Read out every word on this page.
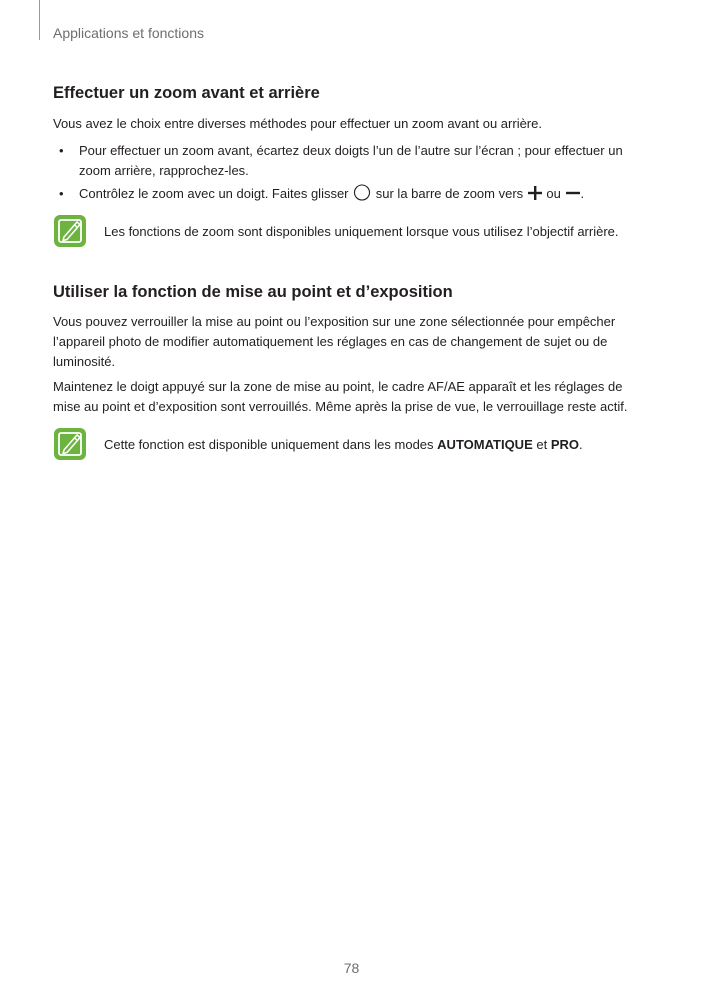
Applications et fonctions
Effectuer un zoom avant et arrière

Vous avez le choix entre diverses méthodes pour effectuer un zoom avant ou arrière.

• Pour effectuer un zoom avant, écartez deux doigts l’un de l’autre sur l’écran ; pour effectuer un zoom arrière, rapprochez-les.
• Contrôlez le zoom avec un doigt. Faites glisser sur la barre de zoom vers ou .
Les fonctions de zoom sont disponibles uniquement lorsque vous utilisez l’objectif arrière.
Utiliser la fonction de mise au point et d’exposition

Vous pouvez verrouiller la mise au point ou l’exposition sur une zone sélectionnée pour empêcher l’appareil photo de modifier automatiquement les réglages en cas de changement de sujet ou de luminosité.

Maintenez le doigt appuyé sur la zone de mise au point, le cadre AF/AE apparaît et les réglages de mise au point et d’exposition sont verrouillés. Même après la prise de vue, le verrouillage reste actif.

Cette fonction est disponible uniquement dans les modes AUTOMATIQUE et PRO.
78
